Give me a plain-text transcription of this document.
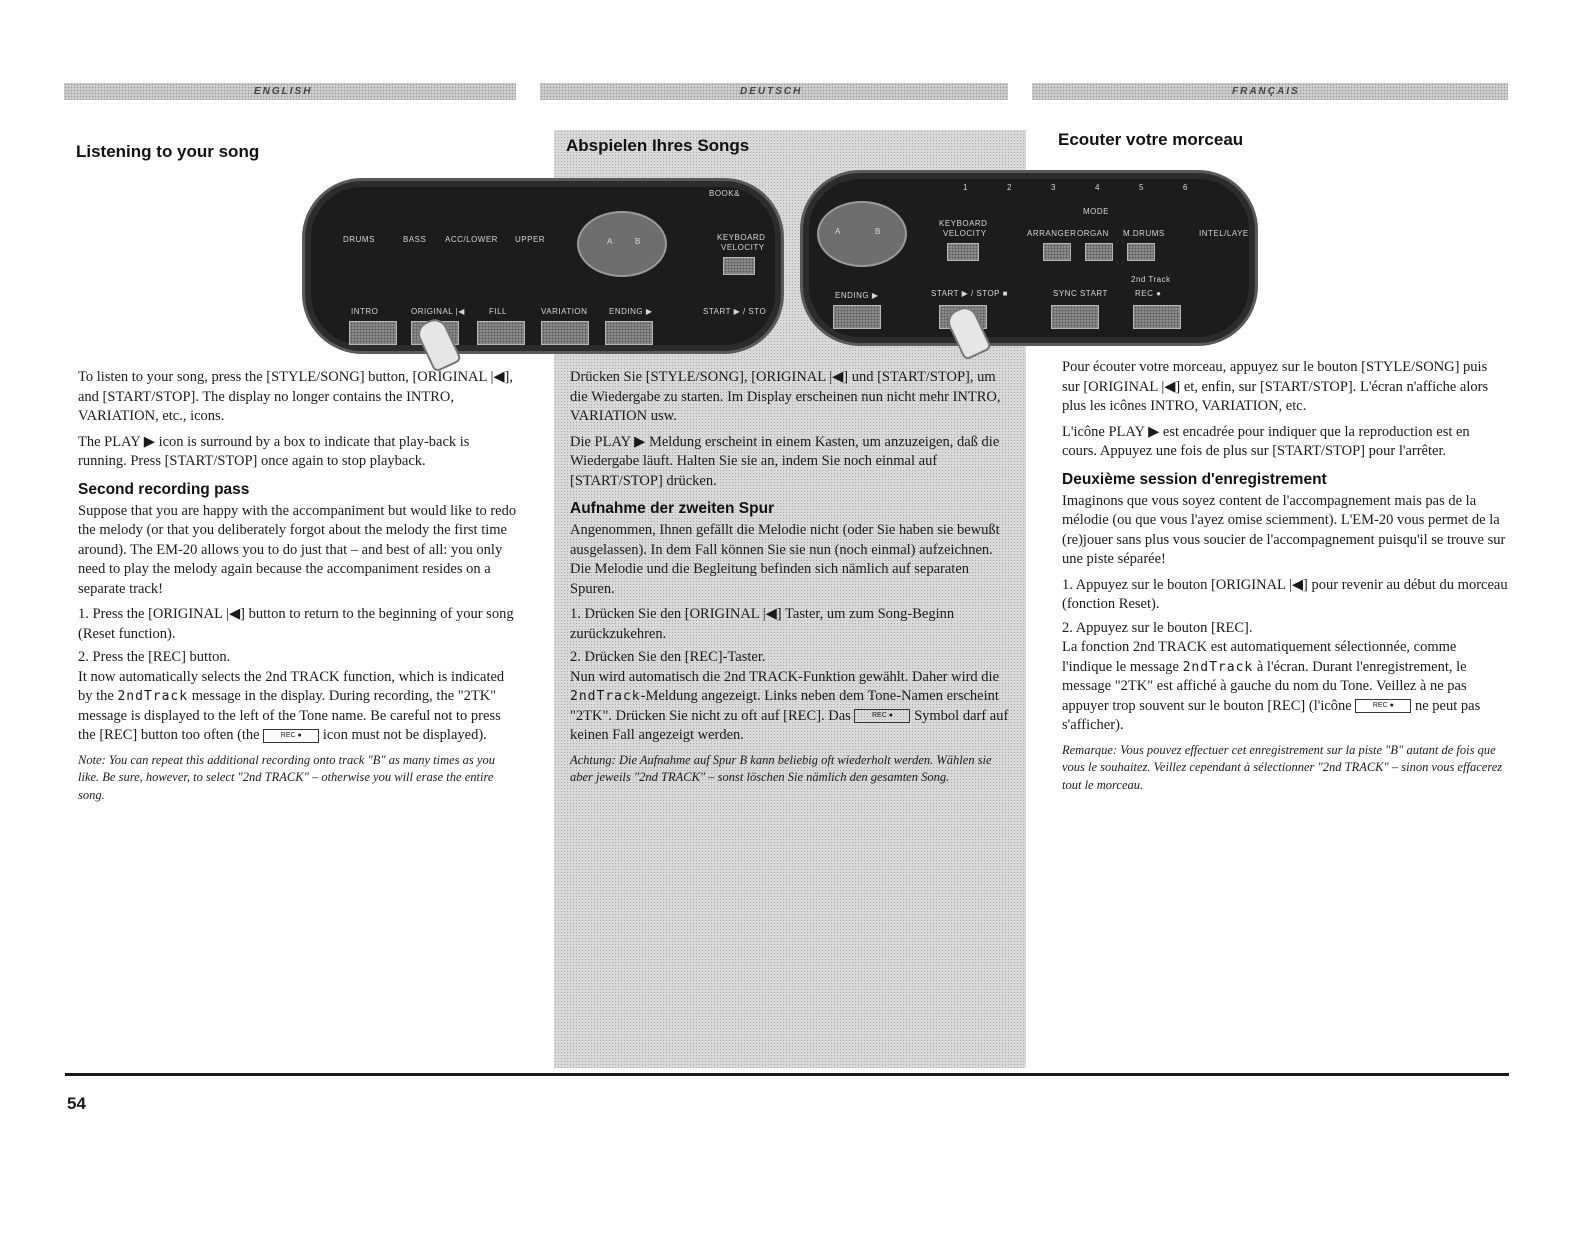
ENGLISH	DEUTSCH	FRANÇAIS
Listening to your song	Abspielen Ihres Songs	Ecouter votre morceau
DRUMS	BASS ACC/LOWER UPPER	A	B
BOOK&
KEYBOARD
VELOCITY
INTRO	ORIGINAL |◀	FILL	VARIATION	ENDING ▶	START ▶ / STO
1	2	3	4	5	6
A	B
KEYBOARD
VELOCITY
MODE
ARRANGER ORGAN M.DRUMS	INTEL/LAYE
2nd Track
ENDING ▶	START ▶ / STOP ■	SYNC START	REC ●

To listen to your song, press the [STYLE/SONG] button, [ORIGINAL |◀], and [START/STOP]. The display no longer contains the INTRO, VARIATION, etc., icons.

The PLAY ▶ icon is surround by a box to indicate that play-back is running. Press [START/STOP] once again to stop playback.

Second recording pass

Suppose that you are happy with the accompaniment but would like to redo the melody (or that you deliberately forgot about the melody the first time around). The EM-20 allows you to do just that – and best of all: you only need to play the melody again because the accompaniment resides on a separate track!

1. Press the [ORIGINAL |◀] button to return to the beginning of your song (Reset function).

2. Press the [REC] button.

It now automatically selects the 2nd TRACK function, which is indicated by the 2ndTrack message in the display. During recording, the "2TK" message is displayed to the left of the Tone name. Be careful not to press the [REC] button too often (the	REC ● icon must not be displayed).

Note: You can repeat this additional recording onto track "B" as many times as you like. Be sure, however, to select "2nd TRACK" – otherwise you will erase the entire song.

Drücken Sie [STYLE/SONG], [ORIGINAL |◀] und [START/STOP], um die Wiedergabe zu starten. Im Display erscheinen nun nicht mehr INTRO, VARIATION usw.

Die PLAY ▶ Meldung erscheint in einem Kasten, um anzuzeigen, daß die Wiedergabe läuft. Halten Sie sie an, indem Sie noch einmal auf [START/STOP] drücken.

Aufnahme der zweiten Spur

Angenommen, Ihnen gefällt die Melodie nicht (oder Sie haben sie bewußt ausgelassen). In dem Fall können Sie sie nun (noch einmal) aufzeichnen. Die Melodie und die Begleitung befinden sich nämlich auf separaten Spuren.

1. Drücken Sie den [ORIGINAL |◀] Taster, um zum Song-Beginn zurückzukehren.

2. Drücken Sie den [REC]-Taster.

Nun wird automatisch die 2nd TRACK-Funktion gewählt. Daher wird die 2ndTrack-Meldung angezeigt. Links neben dem Tone-Namen erscheint "2TK". Drücken Sie nicht zu oft auf [REC]. Das	REC ● Symbol darf auf keinen Fall angezeigt werden.

Achtung: Die Aufnahme auf Spur B kann beliebig oft wiederholt werden. Wählen sie aber jeweils "2nd TRACK" – sonst löschen Sie nämlich den gesamten Song.

Pour écouter votre morceau, appuyez sur le bouton [STYLE/SONG] puis sur [ORIGINAL |◀] et, enfin, sur [START/STOP]. L'écran n'affiche alors plus les icônes INTRO, VARIATION, etc.

L'icône PLAY ▶ est encadrée pour indiquer que la reproduction est en cours. Appuyez une fois de plus sur [START/STOP] pour l'arrêter.

Deuxième session d'enregistrement

Imaginons que vous soyez content de l'accompagnement mais pas de la mélodie (ou que vous l'ayez omise sciemment). L'EM-20 vous permet de la (re)jouer sans plus vous soucier de l'accompagnement puisqu'il se trouve sur une piste séparée!

1. Appuyez sur le bouton [ORIGINAL |◀] pour revenir au début du morceau (fonction Reset).

2. Appuyez sur le bouton [REC].

La fonction 2nd TRACK est automatiquement sélectionnée, comme l'indique le message 2ndTrack à l'écran. Durant l'enregistrement, le message "2TK" est affiché à gauche du nom du Tone. Veillez à ne pas appuyer trop souvent sur le bouton [REC] (l'icône	REC ● ne peut pas s'afficher).

Remarque: Vous pouvez effectuer cet enregistrement sur la piste "B" autant de fois que vous le souhaitez. Veillez cependant à sélectionner "2nd TRACK" – sinon vous effacerez tout le morceau.

54
